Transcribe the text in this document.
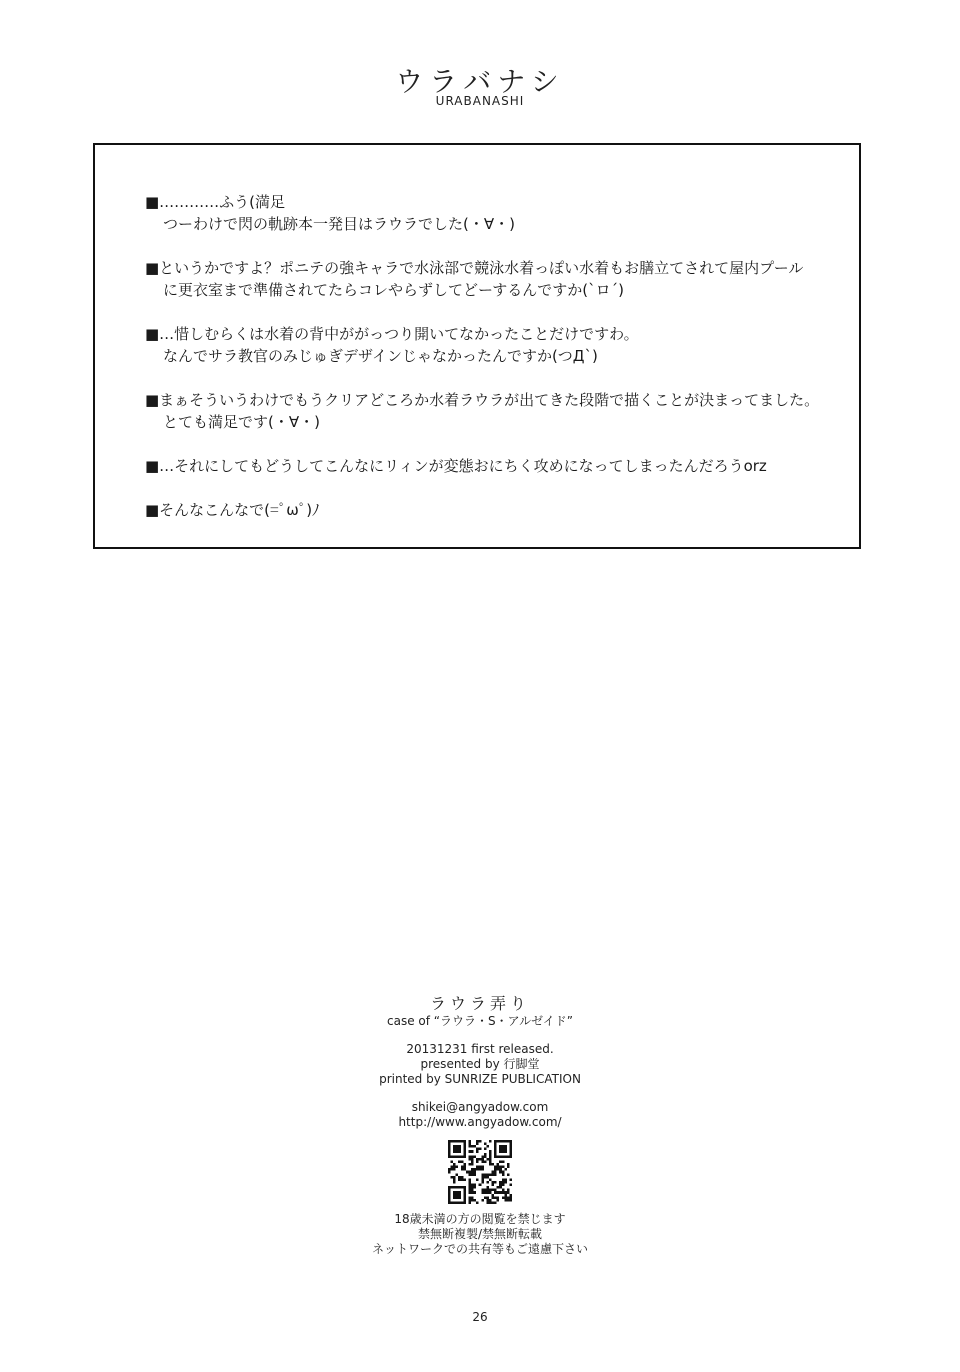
ウラバナシ
URABANASHI
■…………ふう(満足
つーわけで閃の軌跡本一発目はラウラでした(・∀・)
■というかですよ？ポニテの強キャラで水泳部で競泳水着っぽい水着もお膳立てされて屋内プール
に更衣室まで準備されてたらコレやらずしてどーするんですか(`ロ´)
■…惜しむらくは水着の背中ががっつり開いてなかったことだけですわ。
なんでサラ教官のみじゅぎデザインじゃなかったんですか(つД`)
■まぁそういうわけでもうクリアどころか水着ラウラが出てきた段階で描くことが決まってました。
とても満足です(・∀・)
■…それにしてもどうしてこんなにリィンが変態おにちく攻めになってしまったんだろうorz
■そんなこんなで(=ﾟωﾟ)ﾉ
ラウラ弄り
case of “ラウラ・S・アルゼイド”
20131231 first released.
presented by 行脚堂
printed by SUNRIZE PUBLICATION
shikei@angyadow.com
http://www.angyadow.com/
18歳未満の方の閲覧を禁じます
禁無断複製/禁無断転載
ネットワークでの共有等もご遠慮下さい
26
